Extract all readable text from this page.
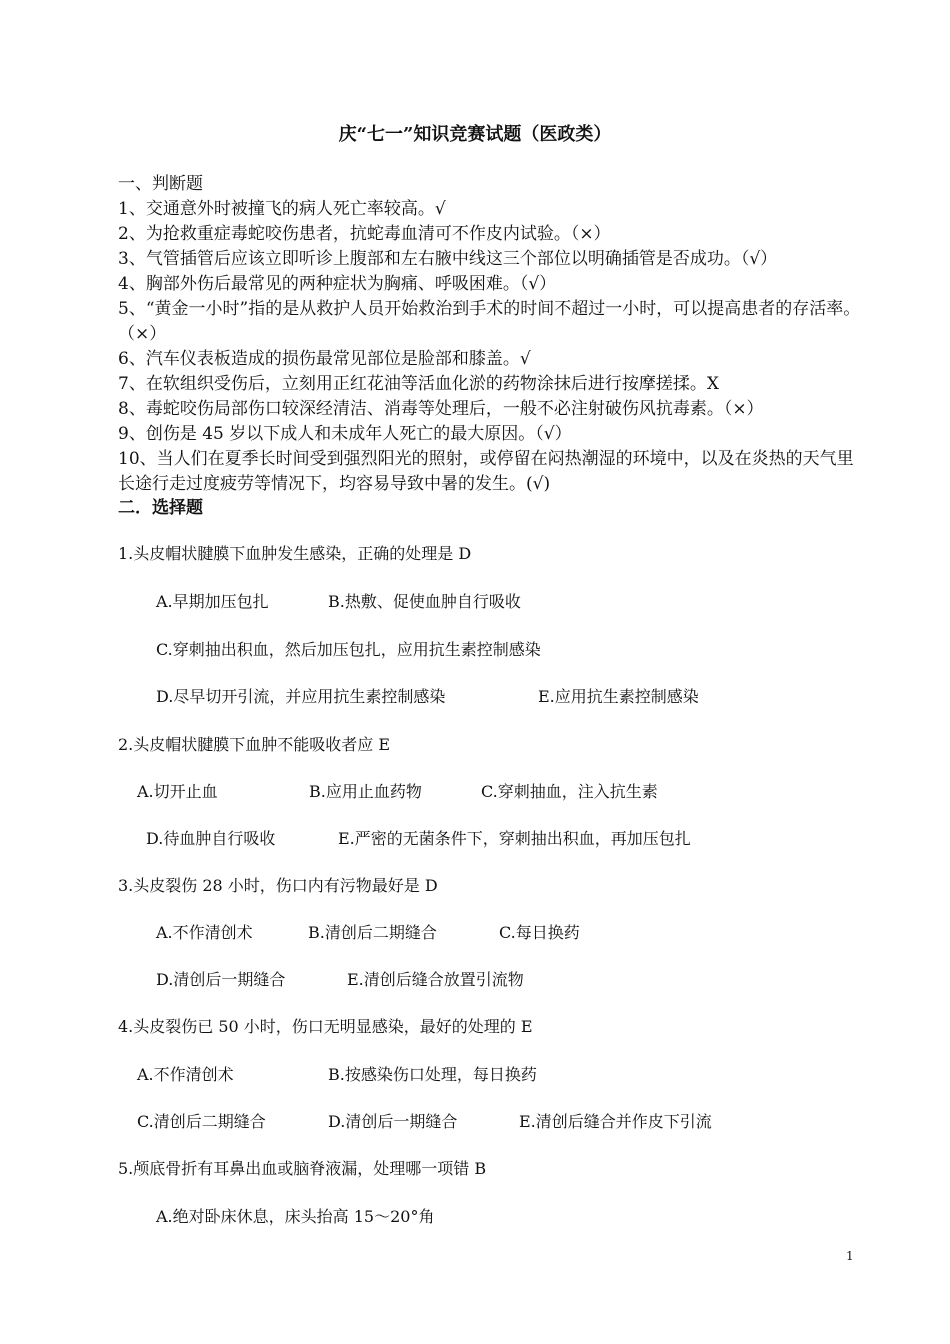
庆“七一”知识竞赛试题（医政类）
一、判断题
1、交通意外时被撞飞的病人死亡率较高。√
2、为抢救重症毒蛇咬伤患者，抗蛇毒血清可不作皮内试验。（×）
3、气管插管后应该立即听诊上腹部和左右腋中线这三个部位以明确插管是否成功。（√）
4、胸部外伤后最常见的两种症状为胸痛、呼吸困难。（√）
5、“黄金一小时”指的是从救护人员开始救治到手术的时间不超过一小时，可以提高患者的存活率。（×）
6、汽车仪表板造成的损伤最常见部位是脸部和膝盖。√
7、在软组织受伤后，立刻用正红花油等活血化淤的药物涂抹后进行按摩搓揉。X
8、毒蛇咬伤局部伤口较深经清洁、消毒等处理后，一般不必注射破伤风抗毒素。（×）
9、创伤是 45 岁以下成人和未成年人死亡的最大原因。（√）
10、当人们在夏季长时间受到强烈阳光的照射，或停留在闷热潮湿的环境中，以及在炎热的天气里长途行走过度疲劳等情况下，均容易导致中暑的发生。(√)
二．选择题
1.头皮帽状腱膜下血肿发生感染，正确的处理是 D
A.早期加压包扎	B.热敷、促使血肿自行吸收
C.穿刺抽出积血，然后加压包扎，应用抗生素控制感染
D.尽早切开引流，并应用抗生素控制感染	E.应用抗生素控制感染
2.头皮帽状腱膜下血肿不能吸收者应 E
A.切开止血	B.应用止血药物	C.穿刺抽血，注入抗生素
D.待血肿自行吸收	E.严密的无菌条件下，穿刺抽出积血，再加压包扎
3.头皮裂伤 28 小时，伤口内有污物最好是 D
A.不作清创术	B.清创后二期缝合	C.每日换药
D.清创后一期缝合	E.清创后缝合放置引流物
4.头皮裂伤已 50 小时，伤口无明显感染，最好的处理的 E
A.不作清创术	B.按感染伤口处理，每日换药
C.清创后二期缝合	D.清创后一期缝合	E.清创后缝合并作皮下引流
5.颅底骨折有耳鼻出血或脑脊液漏，处理哪一项错 B
A.绝对卧床休息，床头抬高 15～20°角
1
